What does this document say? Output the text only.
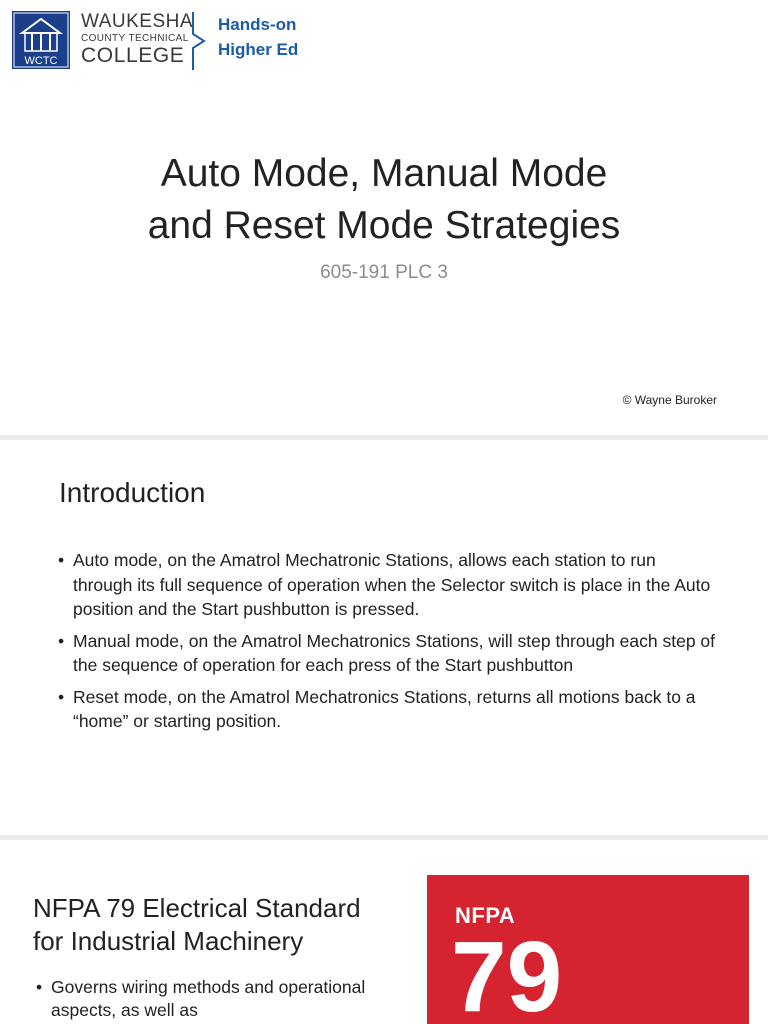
WCTC
WAUKESHA
COUNTY TECHNICAL
COLLEGE
Hands-on
Higher Ed
Auto Mode, Manual Mode
and Reset Mode Strategies
605-191 PLC 3
© Wayne Buroker
Introduction
• Auto mode, on the Amatrol Mechatronic Stations, allows each station to run through its full sequence of operation when the Selector switch is place in the Auto position and the Start pushbutton is pressed.
• Manual mode, on the Amatrol Mechatronics Stations, will step through each step of the sequence of operation for each press of the Start pushbutton
• Reset mode, on the Amatrol Mechatronics Stations, returns all motions back to a “home” or starting position.
NFPA 79 Electrical Standard
for Industrial Machinery
• Governs wiring methods and operational aspects, as well as
NFPA
79
